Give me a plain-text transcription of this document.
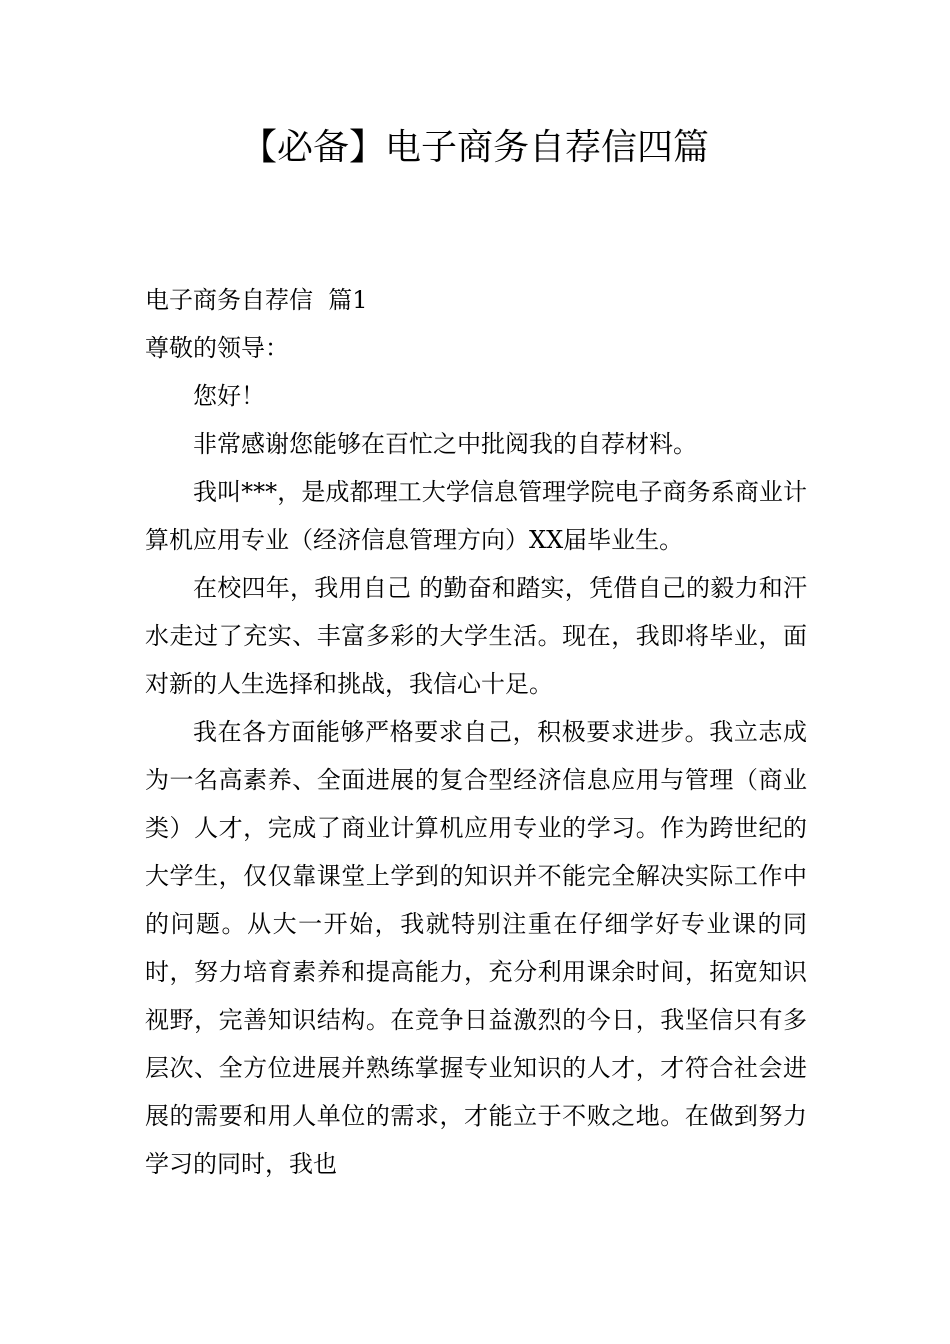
【必备】电子商务自荐信四篇

电子商务自荐信  篇1

尊敬的领导：

您好！

非常感谢您能够在百忙之中批阅我的自荐材料。

我叫***，是成都理工大学信息管理学院电子商务系商业计算机应用专业（经济信息管理方向）XX届毕业生。

在校四年，我用自己 的勤奋和踏实，凭借自己的毅力和汗水走过了充实、丰富多彩的大学生活。现在，我即将毕业，面对新的人生选择和挑战，我信心十足。

我在各方面能够严格要求自己，积极要求进步。我立志成为一名高素养、全面进展的复合型经济信息应用与管理（商业类）人才，完成了商业计算机应用专业的学习。作为跨世纪的大学生，仅仅靠课堂上学到的知识并不能完全解决实际工作中的问题。从大一开始，我就特别注重在仔细学好专业课的同时，努力培育素养和提高能力，充分利用课余时间，拓宽知识视野，完善知识结构。在竞争日益激烈的今日，我坚信只有多层次、全方位进展并熟练掌握专业知识的人才，才符合社会进展的需要和用人单位的需求，才能立于不败之地。在做到努力学习的同时，我也
